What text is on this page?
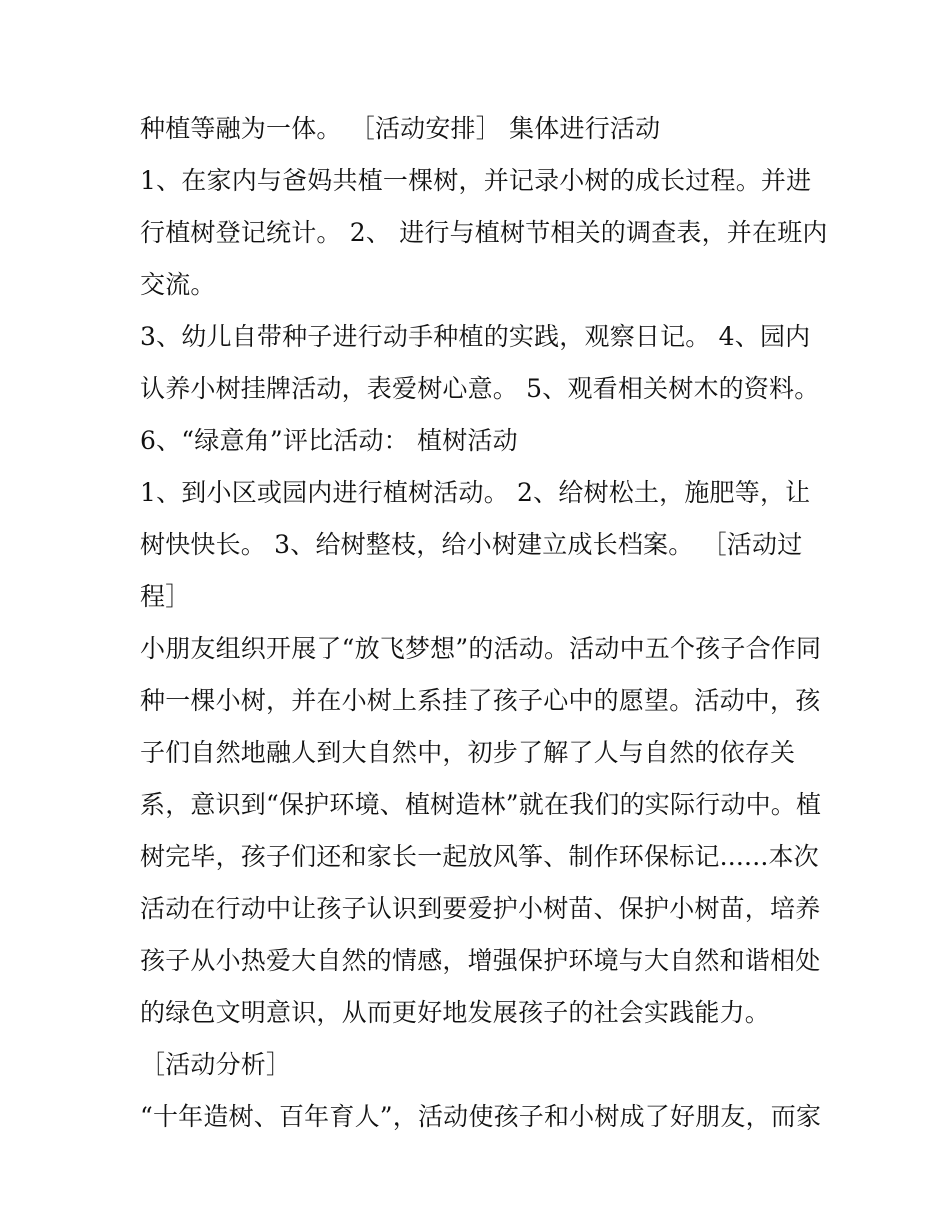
种植等融为一体。 ［活动安排］ 集体进行活动
1、在家内与爸妈共植一棵树，并记录小树的成长过程。并进
行植树登记统计。 2、 进行与植树节相关的调查表，并在班内
交流。
3、幼儿自带种子进行动手种植的实践，观察日记。 4、园内
认养小树挂牌活动，表爱树心意。 5、观看相关树木的资料。
6、“绿意角”评比活动： 植树活动
1、到小区或园内进行植树活动。 2、给树松土，施肥等，让
树快快长。 3、给树整枝，给小树建立成长档案。 ［活动过
程］
小朋友组织开展了“放飞梦想”的活动。活动中五个孩子合作同
种一棵小树，并在小树上系挂了孩子心中的愿望。活动中，孩
子们自然地融人到大自然中，初步了解了人与自然的依存关
系，意识到“保护环境、植树造林”就在我们的实际行动中。植
树完毕，孩子们还和家长一起放风筝、制作环保标记......本次
活动在行动中让孩子认识到要爱护小树苗、保护小树苗，培养
孩子从小热爱大自然的情感，增强保护环境与大自然和谐相处
的绿色文明意识，从而更好地发展孩子的社会实践能力。
［活动分析］
“十年造树、百年育人”，活动使孩子和小树成了好朋友，而家
